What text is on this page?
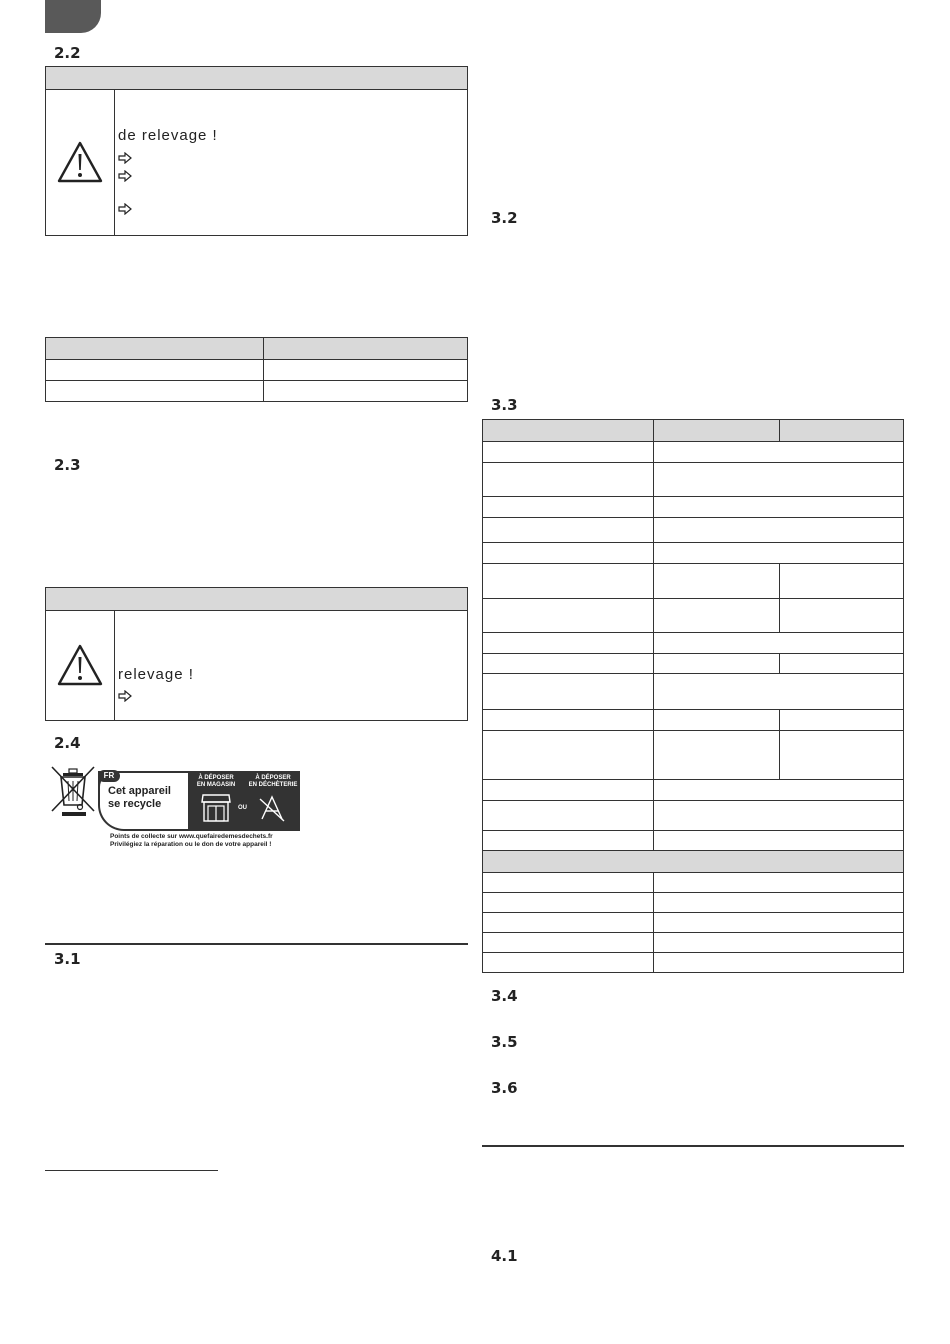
2.2
de relevage !

2.3
relevage !
2.4
Cet appareil
se recycle
À DÉPOSER
EN MAGASIN
OU
À DÉPOSER
EN DÉCHÈTERIE
FR
Points de collecte sur www.quefairedemesdechets.fr
Privilégiez la réparation ou le don de votre appareil !
3.1
3.2
3.3

3.4
3.5
3.6
4.1
